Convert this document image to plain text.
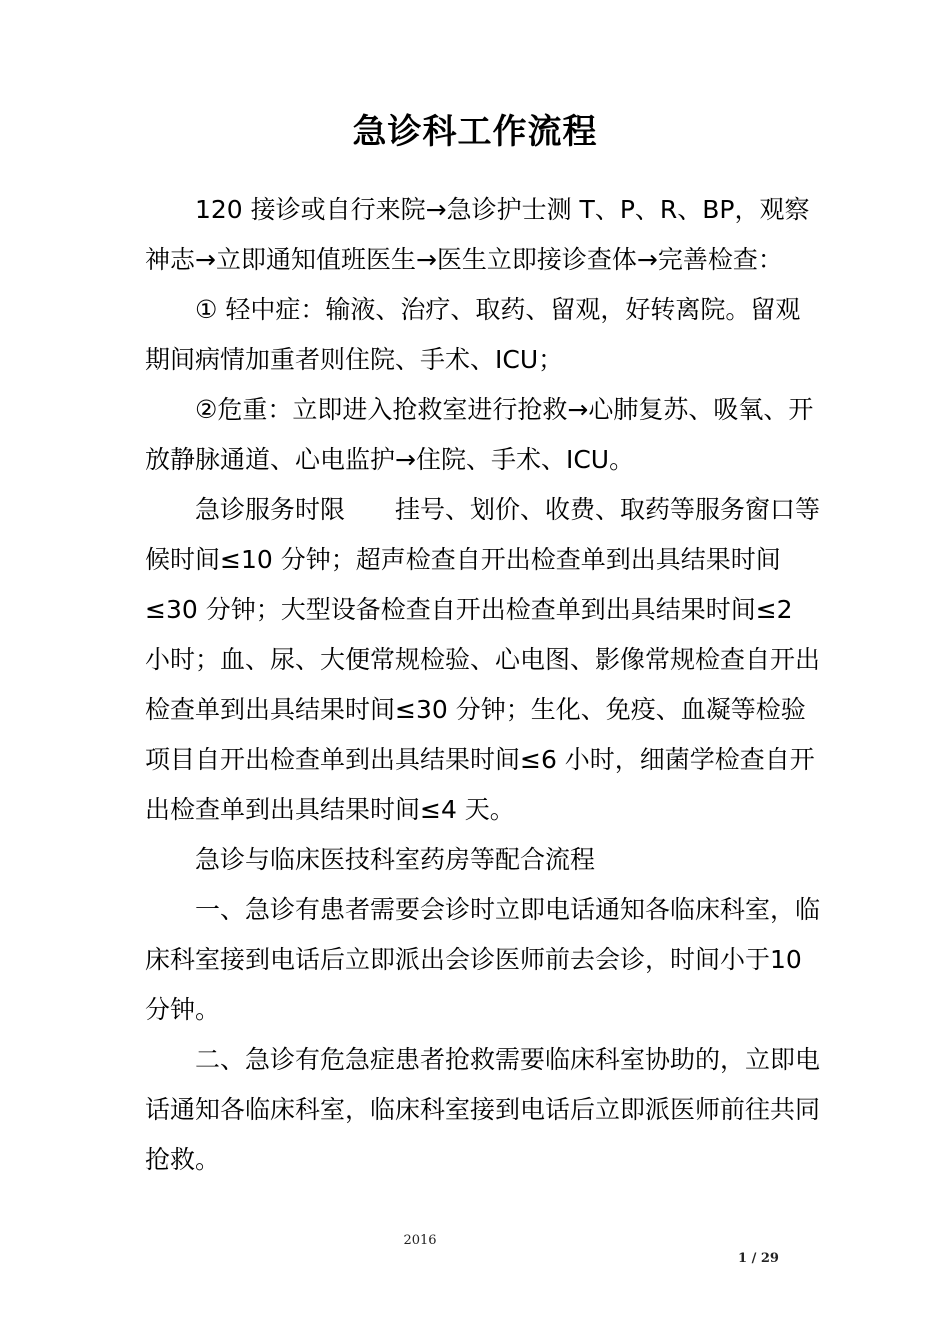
急诊科工作流程

120 接诊或自行来院→急诊护士测 T、P、R、BP，观察神志→立即通知值班医生→医生立即接诊查体→完善检查：

① 轻中症：输液、治疗、取药、留观，好转离院。留观期间病情加重者则住院、手术、ICU；

②危重：立即进入抢救室进行抢救→心肺复苏、吸氧、开放静脉通道、心电监护→住院、手术、ICU。

急诊服务时限　　挂号、划价、收费、取药等服务窗口等候时间≤10 分钟；超声检查自开出检查单到出具结果时间≤30 分钟；大型设备检查自开出检查单到出具结果时间≤2 小时；血、尿、大便常规检验、心电图、影像常规检查自开出检查单到出具结果时间≤30 分钟；生化、免疫、血凝等检验项目自开出检查单到出具结果时间≤6 小时，细菌学检查自开出检查单到出具结果时间≤4 天。

急诊与临床医技科室药房等配合流程

一、急诊有患者需要会诊时立即电话通知各临床科室，临床科室接到电话后立即派出会诊医师前去会诊，时间小于10 分钟。

二、急诊有危急症患者抢救需要临床科室协助的，立即电话通知各临床科室，临床科室接到电话后立即派医师前往共同抢救。

2016
1 / 29
